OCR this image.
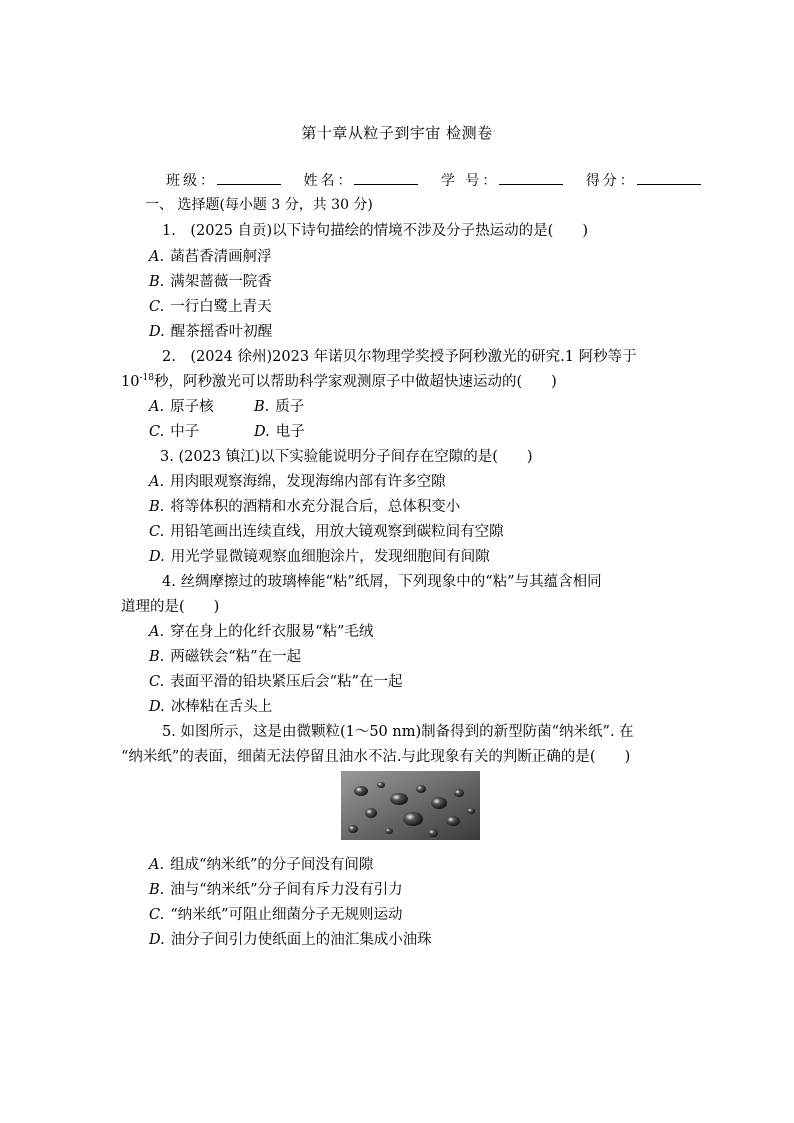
第十章从粒子到宇宙 检测卷
班级：	姓名：	学 号：	得分：
一、 选择题(每小题 3 分，共 30 分)
1.　(2025 自贡)以下诗句描绘的情境不涉及分子热运动的是(　　)
A. 菡萏香清画舸浮
B. 满架蔷薇一院香
C. 一行白鹭上青天
D. 醒茶摇香叶初醒
2.　(2024 徐州)2023 年诺贝尔物理学奖授予阿秒激光的研究.1 阿秒等于
$10^{-18}$秒，阿秒激光可以帮助科学家观测原子中做超快速运动的(　　)
A. 原子核	B. 质子
C. 中子	D. 电子
3. (2023 镇江)以下实验能说明分子间存在空隙的是(　　)
A. 用肉眼观察海绵，发现海绵内部有许多空隙
B. 将等体积的酒精和水充分混合后，总体积变小
C. 用铅笔画出连续直线，用放大镜观察到碳粒间有空隙
D. 用光学显微镜观察血细胞涂片，发现细胞间有间隙
4. 丝绸摩擦过的玻璃棒能“粘”纸屑，下列现象中的“粘”与其蕴含相同
道理的是(　　)
A. 穿在身上的化纤衣服易“粘”毛绒
B. 两磁铁会“粘”在一起
C. 表面平滑的铅块紧压后会“粘”在一起
D. 冰棒粘在舌头上
5. 如图所示，这是由微颗粒(1～50 nm)制备得到的新型防菌“纳米纸”. 在
“纳米纸”的表面，细菌无法停留且油水不沾.与此现象有关的判断正确的是(　　)
A. 组成“纳米纸”的分子间没有间隙
B. 油与“纳米纸”分子间有斥力没有引力
C. “纳米纸”可阻止细菌分子无规则运动
D. 油分子间引力使纸面上的油汇集成小油珠
